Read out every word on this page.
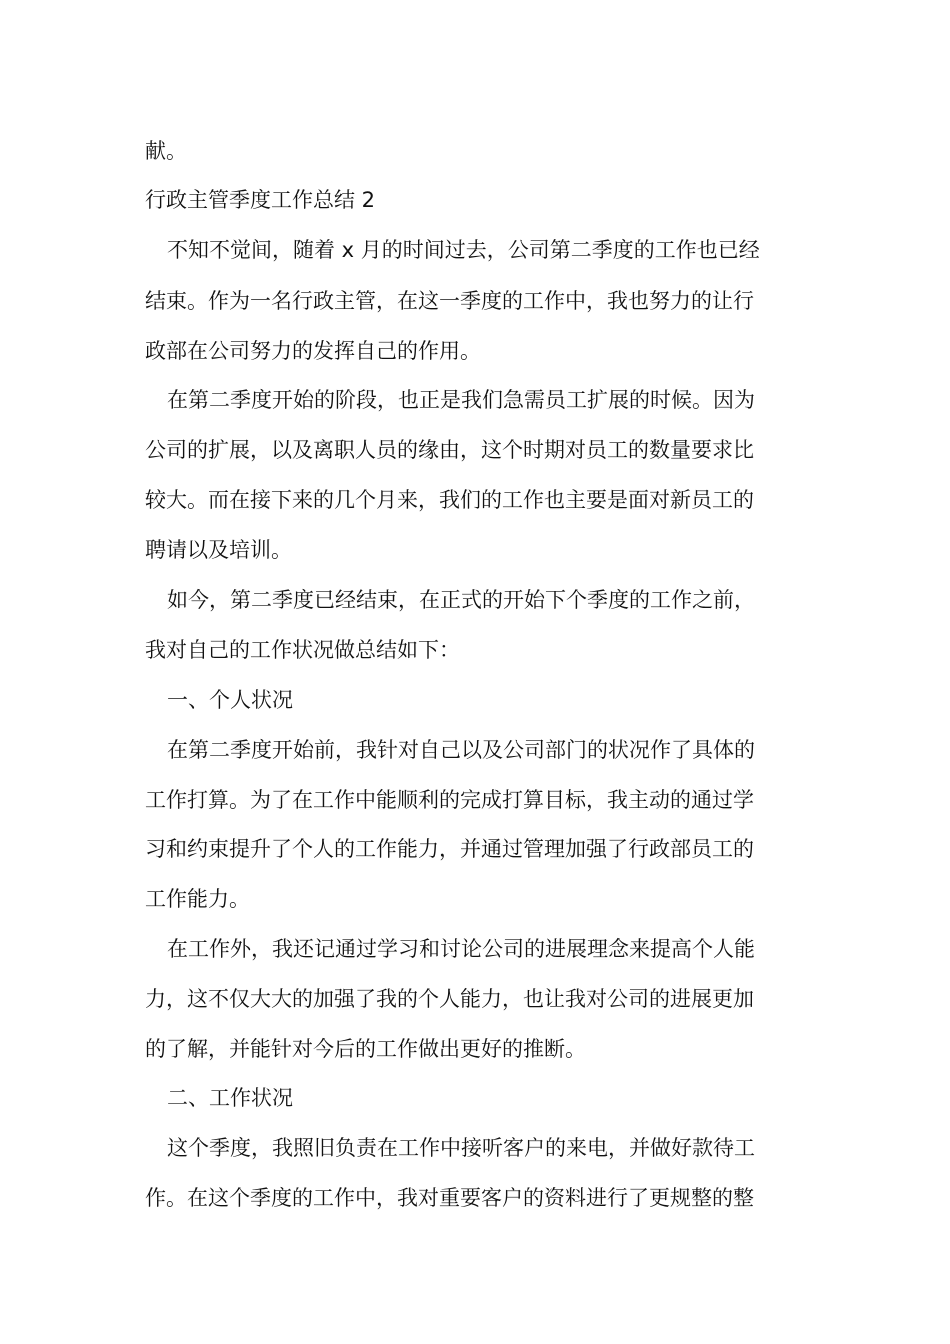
献。
行政主管季度工作总结 2
不知不觉间，随着 x 月的时间过去，公司第二季度的工作也已经
结束。作为一名行政主管，在这一季度的工作中，我也努力的让行
政部在公司努力的发挥自己的作用。
在第二季度开始的阶段，也正是我们急需员工扩展的时候。因为
公司的扩展，以及离职人员的缘由，这个时期对员工的数量要求比
较大。而在接下来的几个月来，我们的工作也主要是面对新员工的
聘请以及培训。
如今，第二季度已经结束，在正式的开始下个季度的工作之前，
我对自己的工作状况做总结如下：
一、个人状况
在第二季度开始前，我针对自己以及公司部门的状况作了具体的
工作打算。为了在工作中能顺利的完成打算目标，我主动的通过学
习和约束提升了个人的工作能力，并通过管理加强了行政部员工的
工作能力。
在工作外，我还记通过学习和讨论公司的进展理念来提高个人能
力，这不仅大大的加强了我的个人能力，也让我对公司的进展更加
的了解，并能针对今后的工作做出更好的推断。
二、工作状况
这个季度，我照旧负责在工作中接听客户的来电，并做好款待工
作。在这个季度的工作中，我对重要客户的资料进行了更规整的整
